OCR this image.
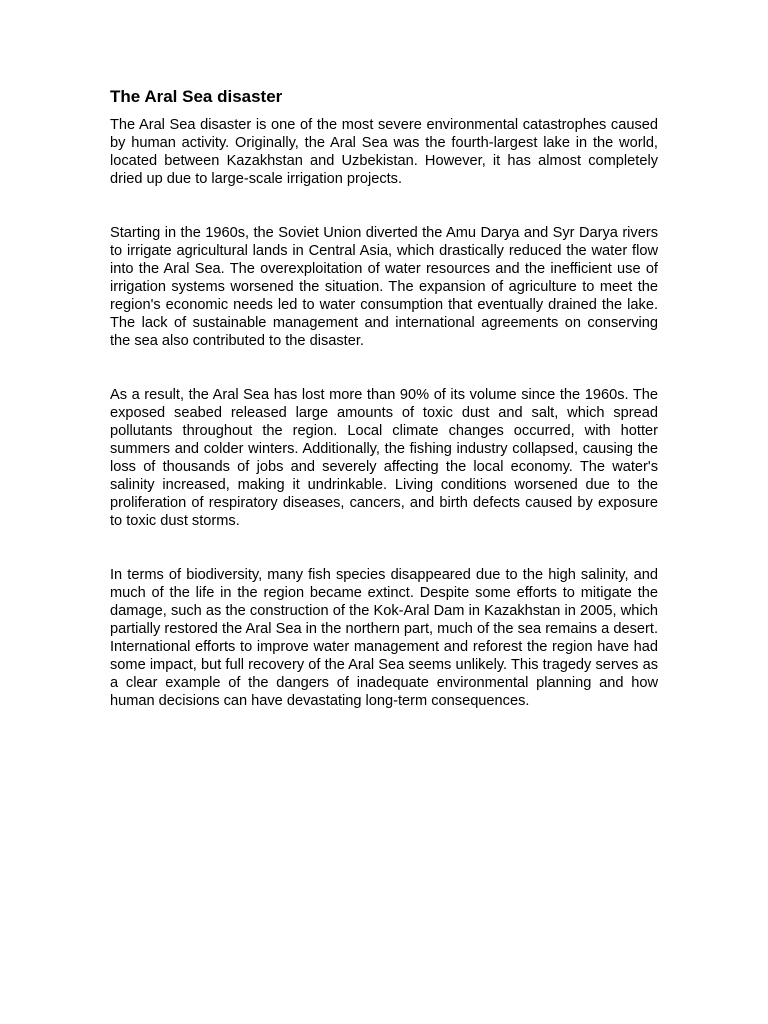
The Aral Sea disaster

The Aral Sea disaster is one of the most severe environmental catastrophes caused by human activity. Originally, the Aral Sea was the fourth-largest lake in the world, located between Kazakhstan and Uzbekistan. However, it has almost completely dried up due to large-scale irrigation projects.

Starting in the 1960s, the Soviet Union diverted the Amu Darya and Syr Darya rivers to irrigate agricultural lands in Central Asia, which drastically reduced the water flow into the Aral Sea. The overexploitation of water resources and the inefficient use of irrigation systems worsened the situation. The expansion of agriculture to meet the region's economic needs led to water consumption that eventually drained the lake. The lack of sustainable management and international agreements on conserving the sea also contributed to the disaster.

As a result, the Aral Sea has lost more than 90% of its volume since the 1960s. The exposed seabed released large amounts of toxic dust and salt, which spread pollutants throughout the region. Local climate changes occurred, with hotter summers and colder winters. Additionally, the fishing industry collapsed, causing the loss of thousands of jobs and severely affecting the local economy. The water's salinity increased, making it undrinkable. Living conditions worsened due to the proliferation of respiratory diseases, cancers, and birth defects caused by exposure to toxic dust storms.

In terms of biodiversity, many fish species disappeared due to the high salinity, and much of the life in the region became extinct. Despite some efforts to mitigate the damage, such as the construction of the Kok-Aral Dam in Kazakhstan in 2005, which partially restored the Aral Sea in the northern part, much of the sea remains a desert. International efforts to improve water management and reforest the region have had some impact, but full recovery of the Aral Sea seems unlikely. This tragedy serves as a clear example of the dangers of inadequate environmental planning and how human decisions can have devastating long-term consequences.
